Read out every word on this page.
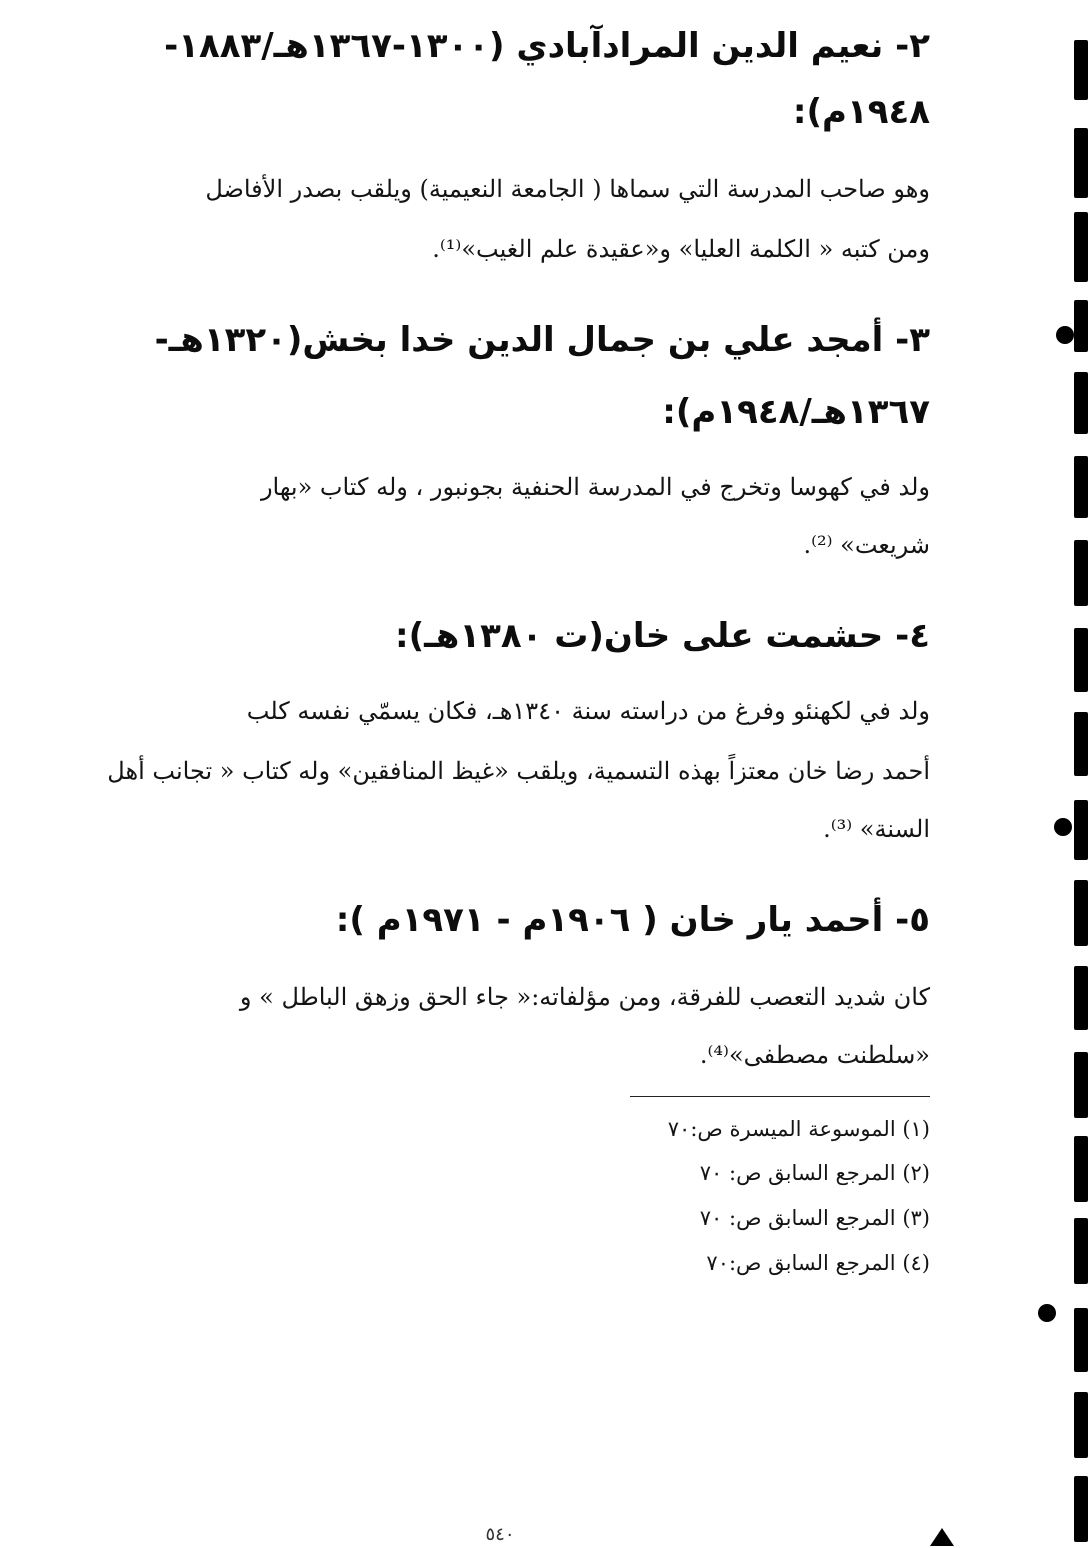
٢- نعيم الدين المرادآبادي (١٣٠٠-١٣٦٧هـ/١٨٨٣-
١٩٤٨م):
وهو صاحب المدرسة التي سماها ( الجامعة النعيمية) ويلقب بصدر الأفاضل
ومن كتبه « الكلمة العليا» و«عقيدة علم الغيب»⁽¹⁾.
٣- أمجد علي بن جمال الدين خدا بخش(١٣٢٠هـ-
١٣٦٧هـ/١٩٤٨م):
ولد في كهوسا وتخرج في المدرسة الحنفية بجونبور ، وله كتاب «بهار
شريعت» ⁽²⁾.
٤- حشمت على خان(ت ١٣٨٠هـ):
ولد في لكهنئو وفرغ من دراسته سنة ١٣٤٠هـ، فكان يسمّي نفسه كلب
أحمد رضا خان معتزاً بهذه التسمية، ويلقب «غيظ المنافقين» وله كتاب « تجانب أهل
السنة» ⁽³⁾.
٥- أحمد يار خان ( ١٩٠٦م - ١٩٧١م ):
كان شديد التعصب للفرقة، ومن مؤلفاته:« جاء الحق وزهق الباطل » و
«سلطنت مصطفى»⁽⁴⁾.
(١) الموسوعة الميسرة ص:٧٠
(٢) المرجع السابق ص: ٧٠
(٣) المرجع السابق ص: ٧٠
(٤) المرجع السابق ص:٧٠
٥٤٠
